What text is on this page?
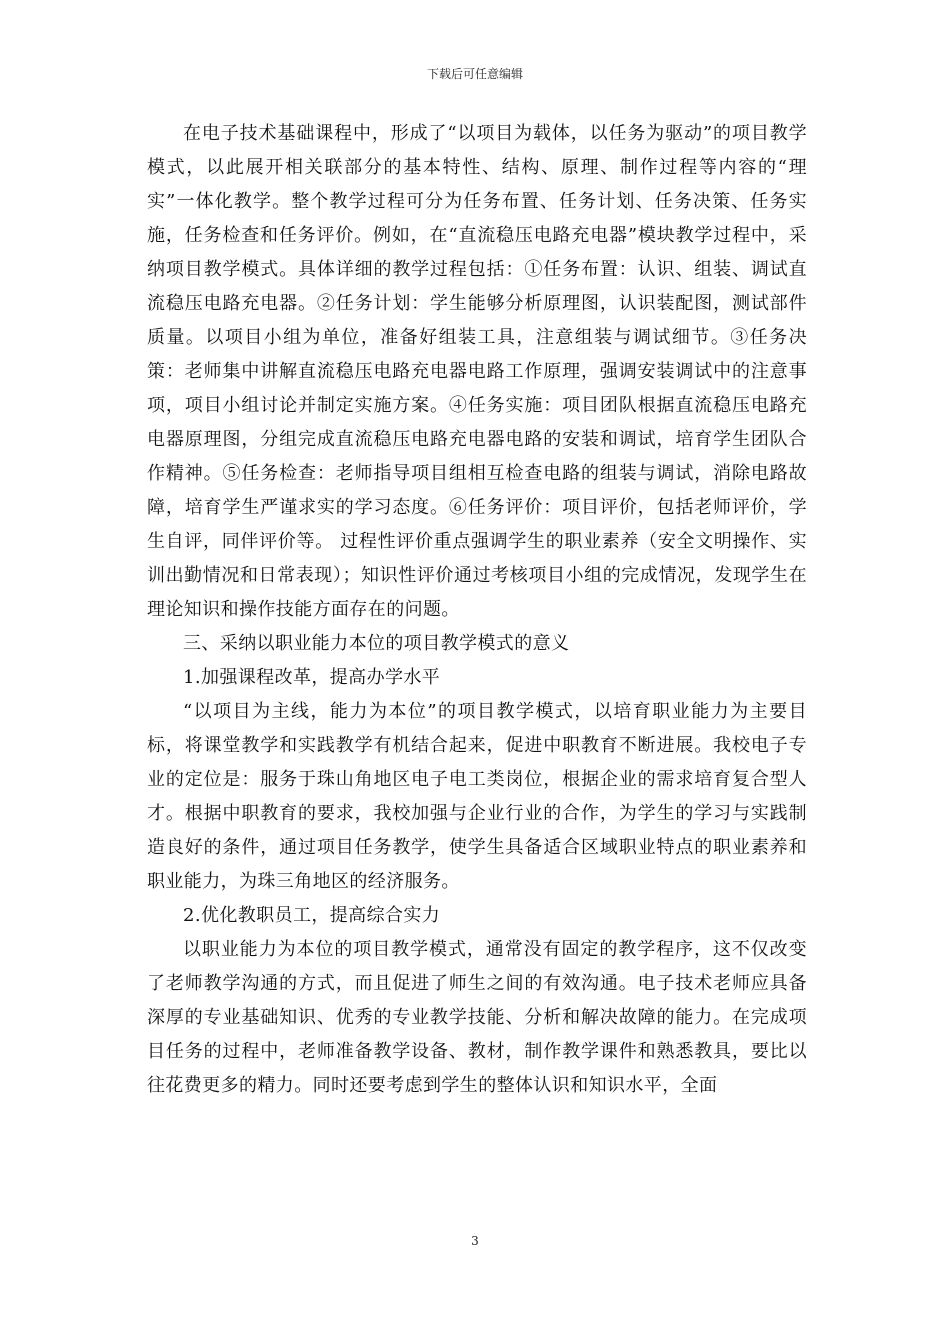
下载后可任意编辑

在电子技术基础课程中，形成了“以项目为载体，以任务为驱动”的项目教学模式，以此展开相关联部分的基本特性、结构、原理、制作过程等内容的“理实”一体化教学。整个教学过程可分为任务布置、任务计划、任务决策、任务实施，任务检查和任务评价。例如，在“直流稳压电路充电器”模块教学过程中，采纳项目教学模式。具体详细的教学过程包括：①任务布置：认识、组装、调试直流稳压电路充电器。②任务计划：学生能够分析原理图，认识装配图，测试部件质量。以项目小组为单位，准备好组装工具，注意组装与调试细节。③任务决策：老师集中讲解直流稳压电路充电器电路工作原理，强调安装调试中的注意事项，项目小组讨论并制定实施方案。④任务实施：项目团队根据直流稳压电路充电器原理图，分组完成直流稳压电路充电器电路的安装和调试，培育学生团队合作精神。⑤任务检查：老师指导项目组相互检查电路的组装与调试，消除电路故障，培育学生严谨求实的学习态度。⑥任务评价：项目评价，包括老师评价，学生自评，同伴评价等。 过程性评价重点强调学生的职业素养（安全文明操作、实训出勤情况和日常表现）；知识性评价通过考核项目小组的完成情况，发现学生在理论知识和操作技能方面存在的问题。

三、采纳以职业能力本位的项目教学模式的意义

1.加强课程改革，提高办学水平

“以项目为主线，能力为本位”的项目教学模式，以培育职业能力为主要目标，将课堂教学和实践教学有机结合起来，促进中职教育不断进展。我校电子专业的定位是：服务于珠山角地区电子电工类岗位，根据企业的需求培育复合型人才。根据中职教育的要求，我校加强与企业行业的合作，为学生的学习与实践制造良好的条件，通过项目任务教学，使学生具备适合区域职业特点的职业素养和职业能力，为珠三角地区的经济服务。

2.优化教职员工，提高综合实力

以职业能力为本位的项目教学模式，通常没有固定的教学程序，这不仅改变了老师教学沟通的方式，而且促进了师生之间的有效沟通。电子技术老师应具备深厚的专业基础知识、优秀的专业教学技能、分析和解决故障的能力。在完成项目任务的过程中，老师准备教学设备、教材，制作教学课件和熟悉教具，要比以往花费更多的精力。同时还要考虑到学生的整体认识和知识水平，全面

3
